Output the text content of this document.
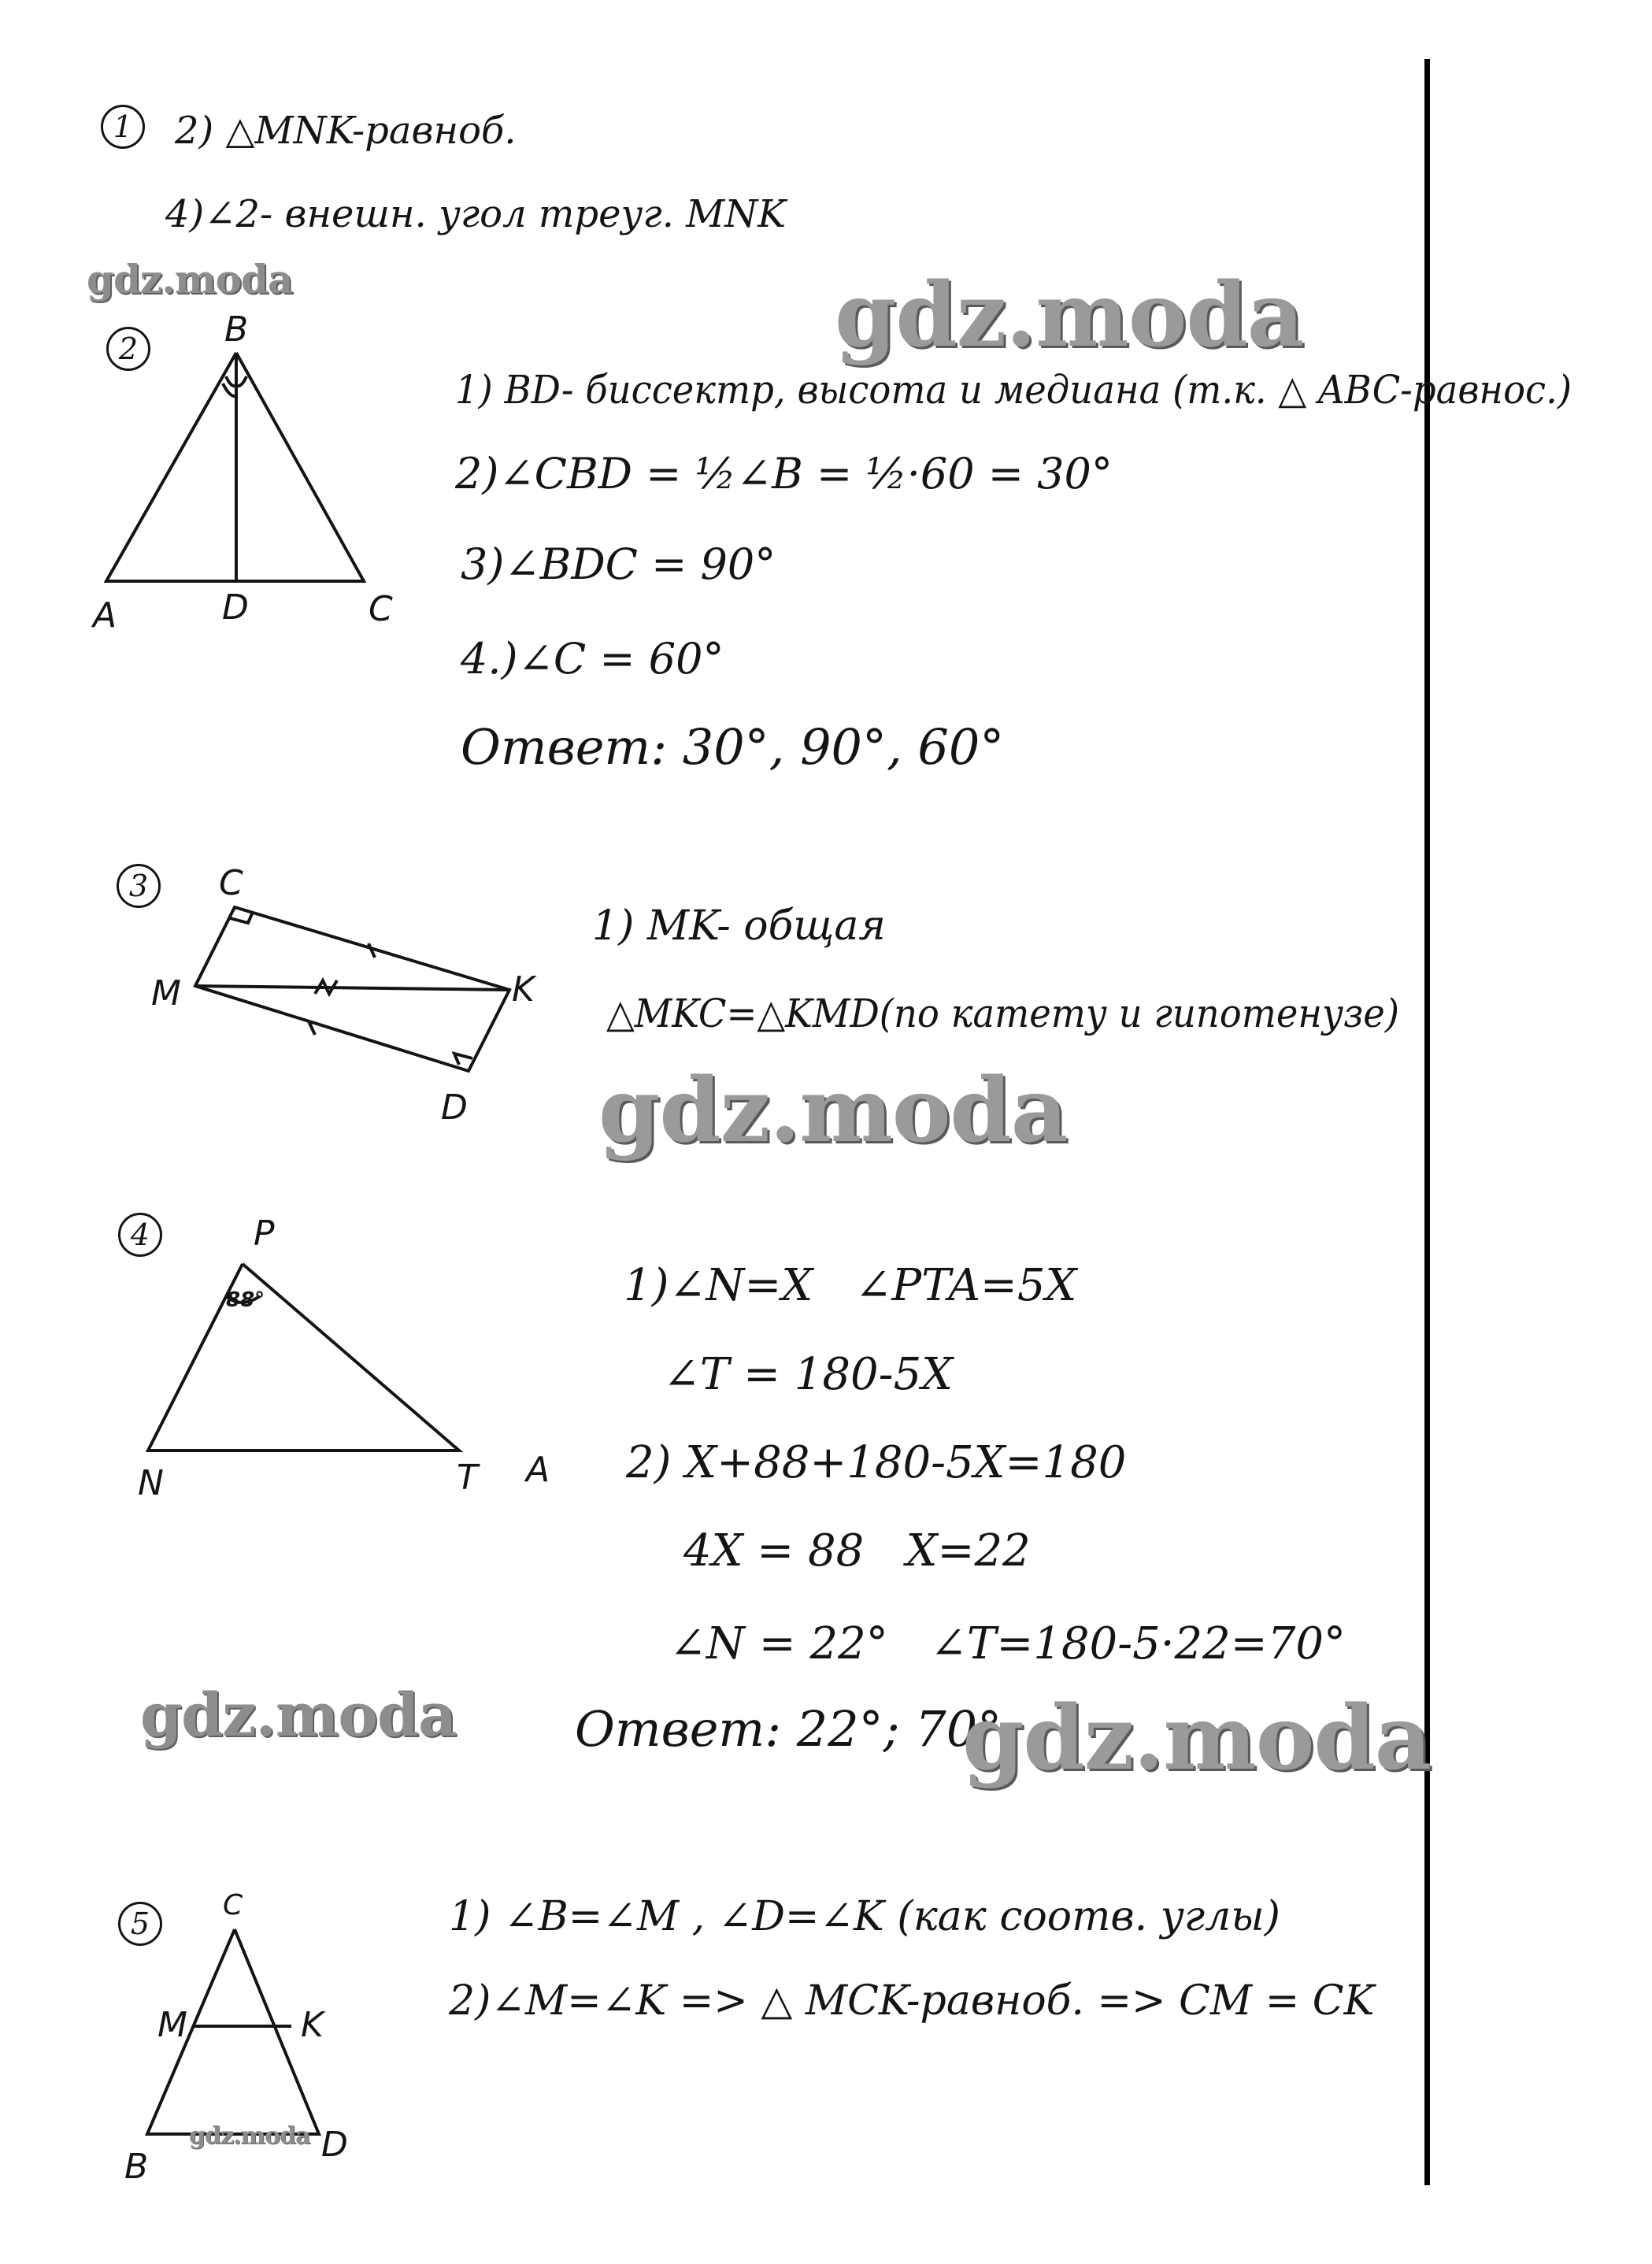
1	2) △MNK-равноб.
4)∠2- внешн. угол треуг. MNK
gdz.moda	gdz.moda
2	B
A	D	C
1) BD- биссектр, высота и медиана (т.к. △ ABC-равнос.)
2)∠CBD = ½∠B = ½·60 = 30°
3)∠BDC = 90°
4.)∠C = 60°
Ответ: 30°, 90°, 60°
3	C
M	K
D
1) MK- общая
△MKC=△KMD(по катету и гипотенузе)
gdz.moda
4	P
88°
N	T A
1)∠N=X   ∠PTA=5X
∠T = 180-5X
2) X+88+180-5X=180
4X = 88   X=22
∠N = 22°   ∠T=180-5·22=70°
Ответ: 22°; 70°
gdz.moda	gdz.moda
5
C
M	K
B
D
1) ∠B=∠M , ∠D=∠K (как соотв. углы)
2)∠M=∠K => △ MCK-равноб. => CM = CK
gdz.moda
